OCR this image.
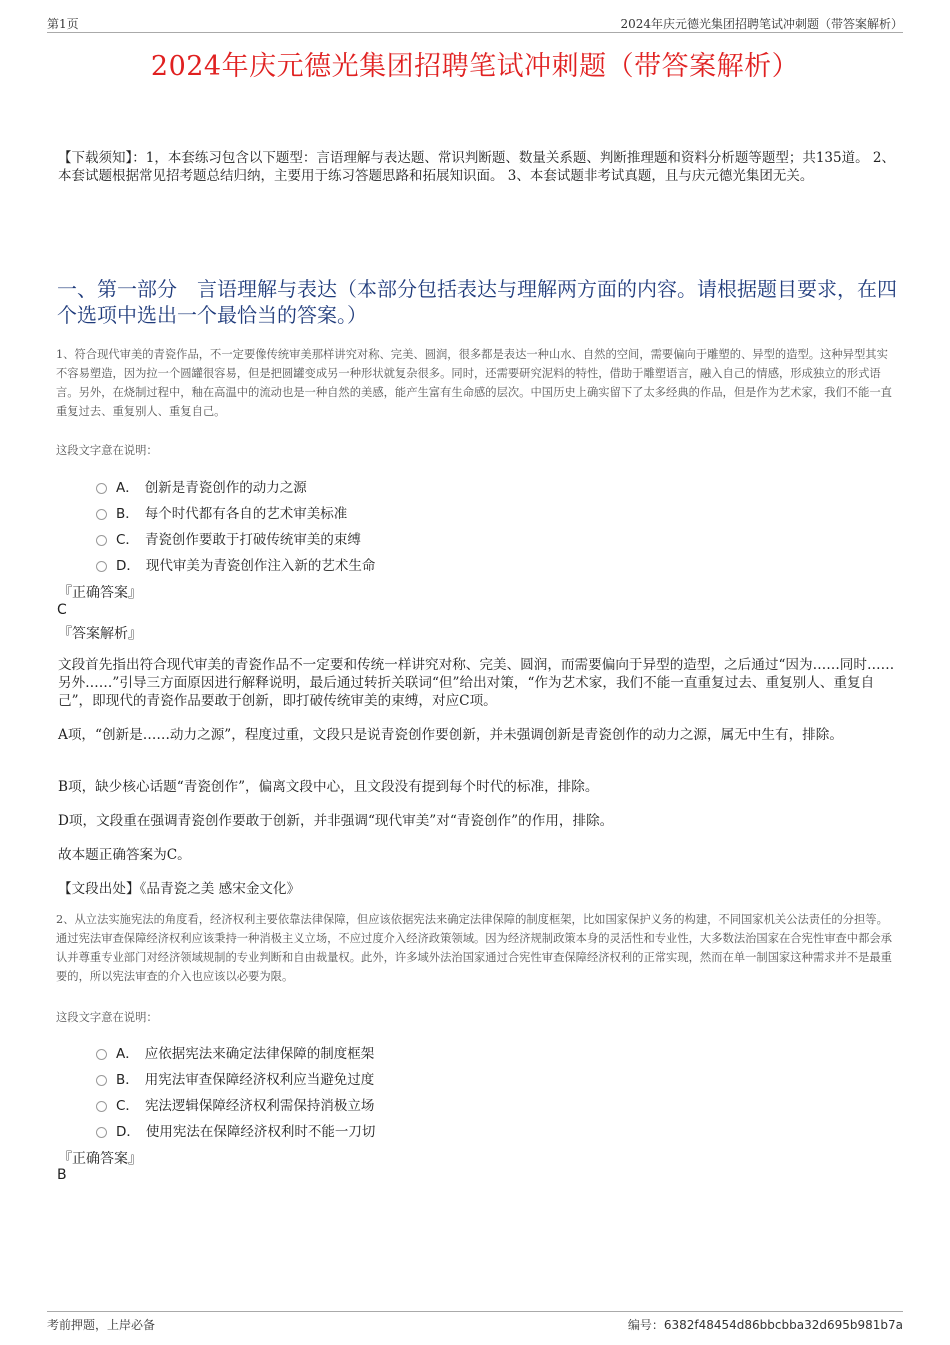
第1页	2024年庆元德光集团招聘笔试冲刺题（带答案解析）
2024年庆元德光集团招聘笔试冲刺题（带答案解析）
【下载须知】：1，本套练习包含以下题型：言语理解与表达题、常识判断题、数量关系题、判断推理题和资料分析题等题型；共135道。 2、本套试题根据常见招考题总结归纳，主要用于练习答题思路和拓展知识面。 3、本套试题非考试真题，且与庆元德光集团无关。
一、第一部分　言语理解与表达（本部分包括表达与理解两方面的内容。请根据题目要求，在四个选项中选出一个最恰当的答案。）
1、符合现代审美的青瓷作品，不一定要像传统审美那样讲究对称、完美、圆润，很多都是表达一种山水、自然的空间，需要偏向于雕塑的、异型的造型。这种异型其实不容易塑造，因为拉一个圆罐很容易，但是把圆罐变成另一种形状就复杂很多。同时，还需要研究泥料的特性，借助于雕塑语言，融入自己的情感，形成独立的形式语言。另外，在烧制过程中，釉在高温中的流动也是一种自然的美感，能产生富有生命感的层次。中国历史上确实留下了太多经典的作品，但是作为艺术家，我们不能一直重复过去、重复别人、重复自己。
这段文字意在说明：
A． 创新是青瓷创作的动力之源
B． 每个时代都有各自的艺术审美标准
C． 青瓷创作要敢于打破传统审美的束缚
D． 现代审美为青瓷创作注入新的艺术生命
『正确答案』
C
『答案解析』
文段首先指出符合现代审美的青瓷作品不一定要和传统一样讲究对称、完美、圆润，而需要偏向于异型的造型，之后通过“因为……同时……另外……”引导三方面原因进行解释说明，最后通过转折关联词“但”给出对策，“作为艺术家，我们不能一直重复过去、重复别人、重复自己”，即现代的青瓷作品要敢于创新，即打破传统审美的束缚，对应C项。
A项，“创新是……动力之源”，程度过重，文段只是说青瓷创作要创新，并未强调创新是青瓷创作的动力之源，属无中生有，排除。
B项，缺少核心话题“青瓷创作”，偏离文段中心，且文段没有提到每个时代的标准，排除。
D项，文段重在强调青瓷创作要敢于创新，并非强调“现代审美”对“青瓷创作”的作用，排除。
故本题正确答案为C。
【文段出处】《品青瓷之美 感宋金文化》
2、从立法实施宪法的角度看，经济权利主要依靠法律保障，但应该依据宪法来确定法律保障的制度框架，比如国家保护义务的构建，不同国家机关公法责任的分担等。通过宪法审查保障经济权利应该秉持一种消极主义立场，不应过度介入经济政策领域。因为经济规制政策本身的灵活性和专业性，大多数法治国家在合宪性审查中都会承认并尊重专业部门对经济领域规制的专业判断和自由裁量权。此外，许多域外法治国家通过合宪性审查保障经济权利的正常实现，然而在单一制国家这种需求并不是最重要的，所以宪法审查的介入也应该以必要为限。
这段文字意在说明：
A． 应依据宪法来确定法律保障的制度框架
B． 用宪法审查保障经济权利应当避免过度
C． 宪法逻辑保障经济权利需保持消极立场
D． 使用宪法在保障经济权利时不能一刀切
『正确答案』
B
考前押题，上岸必备	编号：6382f48454d86bbcbba32d695b981b7a
